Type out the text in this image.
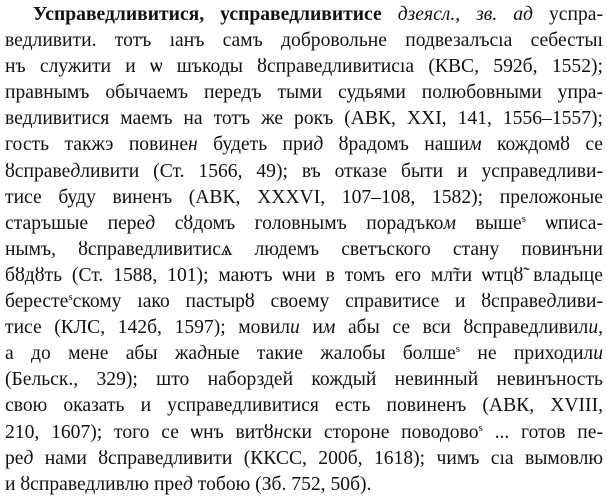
Усправедливитися, усправедливитисе дзеясл., зв. ад успра-
ведливити. тотъ ıанъ самъ добровольне подвезалъсıа себестыı
нъ служити и ѡ шъкоды ȣсправедливитисıа (КВС, 592б, 1552);
правнымъ обычаемъ передъ тыми судьями полюбовными упра-
ведливитися маемъ на тотъ же рокъ (АВК, XXI, 141, 1556–1557);
гость такжэ повинен будеть прид ȣрадомъ нашим кождомȣ се
ȣсправедливити (Ст. 1566, 49); въ отказе быти и усправедливи-
тисе буду виненъ (АВК, XXXVI, 107–108, 1582); преложоные
старъшые перед сȣдомъ головнымъ порадъком выше$^s$ ѡписа-
нымъ, ȣсправедливитисѧ людемъ светъского стану повинъни
бȣдȣть (Ст. 1588, 101); маютъ ѡни в томъ его мл̃ти ѡтцȣ̃ владыце
бересте$^s$скому ıако пастырȣ своему справитисе и ȣсправедливи-
тисе (КЛС, 142б, 1597); мовили им абы се вси ȣсправедливили,
а до мене абы жадные такие жалобы болше$^s$ не приходили
(Бельск., 329); што наборздей кождый невинный невинъность
свою оказать и усправедливитися есть повиненъ (АВК, XVIII,
210, 1607); того се ѡнъ витȣнски стороне поводово$^s$ ... готов пе-
ред нами ȣсправедливити (ККСС, 200б, 1618); чимъ сıа вымовлю
и ȣсправедливлю пред тобою (Зб. 752, 50б).
